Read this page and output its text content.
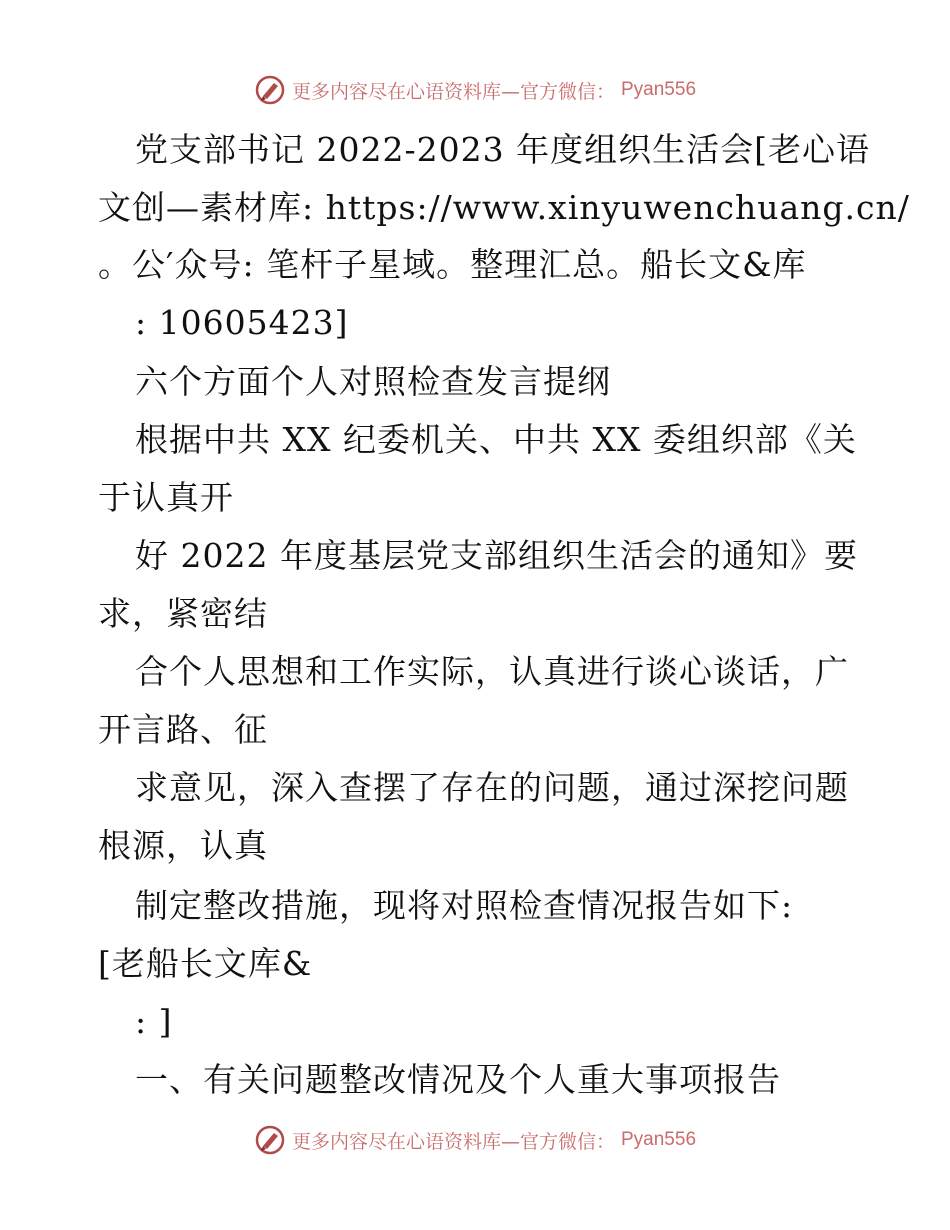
更多内容尽在心语资料库—官方微信： Pyan556
党支部书记 2022-2023 年度组织生活会[老心语
文创—素材库: https://www.xinyuwenchuang.cn/
。公′众号: 笔杆子星域。整理汇总。船长文&库
: 10605423]
六个方面个人对照检查发言提纲
根据中共 XX 纪委机关、中共 XX 委组织部《关
于认真开
好 2022 年度基层党支部组织生活会的通知》要
求，紧密结
合个人思想和工作实际，认真进行谈心谈话，广
开言路、征
求意见，深入查摆了存在的问题，通过深挖问题
根源，认真
制定整改措施，现将对照检查情况报告如下:
[老船长文库&
: ]
一、有关问题整改情况及个人重大事项报告
更多内容尽在心语资料库—官方微信： Pyan556
